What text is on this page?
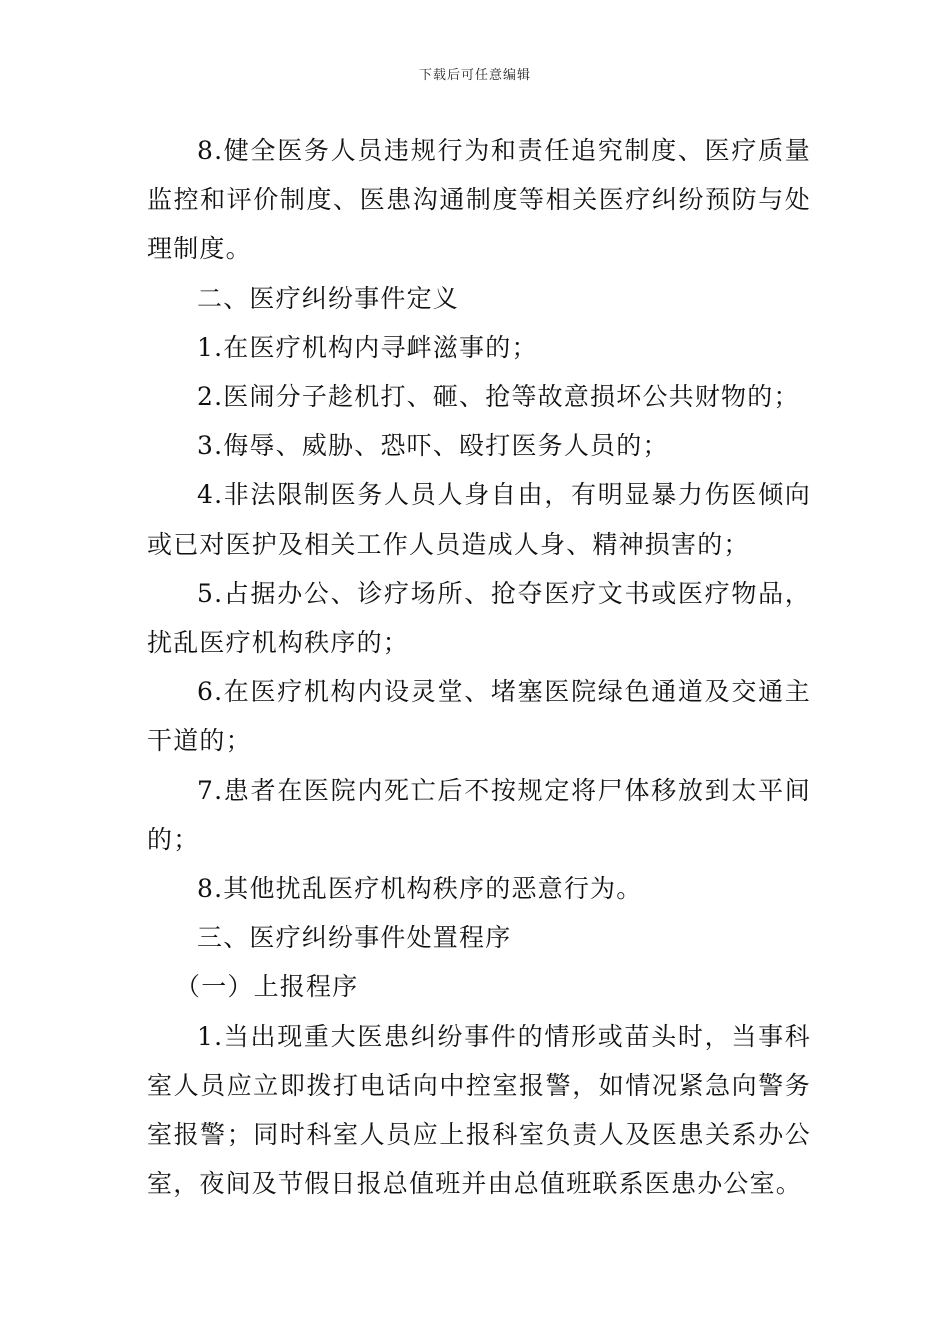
下载后可任意编辑

8.健全医务人员违规行为和责任追究制度、医疗质量监控和评价制度、医患沟通制度等相关医疗纠纷预防与处理制度。

二、医疗纠纷事件定义

1.在医疗机构内寻衅滋事的；

2.医闹分子趁机打、砸、抢等故意损坏公共财物的；

3.侮辱、威胁、恐吓、殴打医务人员的；

4.非法限制医务人员人身自由，有明显暴力伤医倾向或已对医护及相关工作人员造成人身、精神损害的；

5.占据办公、诊疗场所、抢夺医疗文书或医疗物品，扰乱医疗机构秩序的；

6.在医疗机构内设灵堂、堵塞医院绿色通道及交通主干道的；

7.患者在医院内死亡后不按规定将尸体移放到太平间的；

8.其他扰乱医疗机构秩序的恶意行为。

三、医疗纠纷事件处置程序

（一）上报程序

1.当出现重大医患纠纷事件的情形或苗头时，当事科室人员应立即拨打电话向中控室报警，如情况紧急向警务室报警；同时科室人员应上报科室负责人及医患关系办公室，夜间及节假日报总值班并由总值班联系医患办公室。
